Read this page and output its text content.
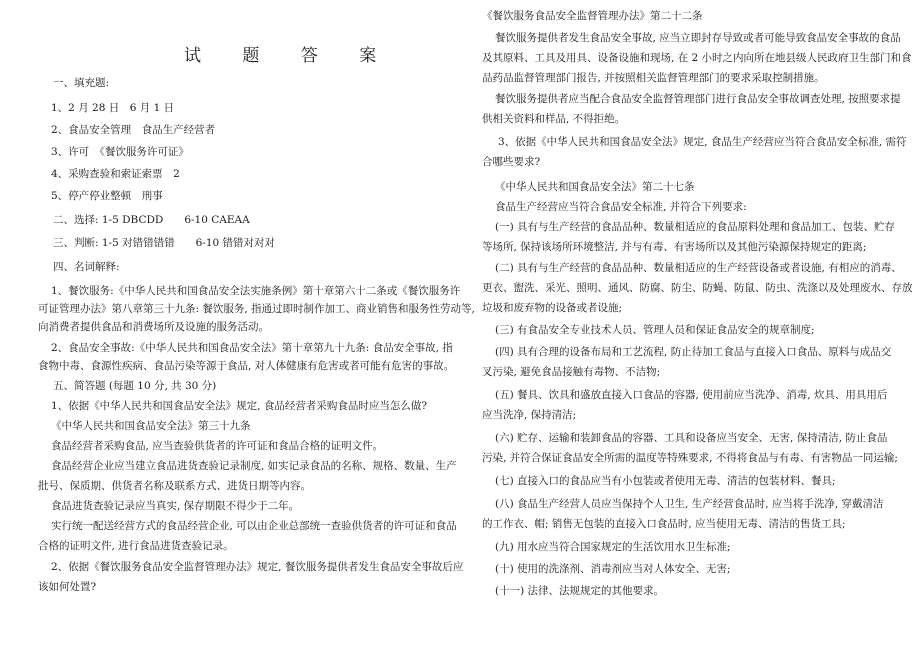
试 题 答 案
一、填充题:
1、2 月 28 日　6 月 1 日
2、食品安全管理　食品生产经营者
3、许可　《餐饮服务许可证》
4、采购查验和索证索票　2
5、停产停业整顿　刑事
二、选择: 1-5 DBCDD　　6-10 CAEAA
三、判断: 1-5 对错错错错　　6-10 错错对对对
四、名词解释:
1、餐饮服务:《中华人民共和国食品安全法实施条例》第十章第六十二条或《餐饮服务许
可证管理办法》第八章第三十九条: 餐饮服务, 指通过即时制作加工、商业销售和服务性劳动等,
向消费者提供食品和消费场所及设施的服务活动。
2、食品安全事故:《中华人民共和国食品安全法》第十章第九十九条: 食品安全事故, 指
食物中毒、食源性疾病、食品污染等源于食品, 对人体健康有危害或者可能有危害的事故。
五、简答题 (每题 10 分, 共 30 分)
1、依据《中华人民共和国食品安全法》规定, 食品经营者采购食品时应当怎么做?
《中华人民共和国食品安全法》第三十九条
食品经营者采购食品, 应当查验供货者的许可证和食品合格的证明文件。
食品经营企业应当建立食品进货查验记录制度, 如实记录食品的名称、规格、数量、生产
批号、保质期、供货者名称及联系方式、进货日期等内容。
食品进货查验记录应当真实, 保存期限不得少于二年。
实行统一配送经营方式的食品经营企业, 可以由企业总部统一查验供货者的许可证和食品
合格的证明文件, 进行食品进货查验记录。
2、依据《餐饮服务食品安全监督管理办法》规定, 餐饮服务提供者发生食品安全事故后应
该如何处置?
《餐饮服务食品安全监督管理办法》第二十二条
餐饮服务提供者发生食品安全事故, 应当立即封存导致或者可能导致食品安全事故的食品
及其原料、工具及用具、设备设施和现场, 在 2 小时之内向所在地县级人民政府卫生部门和食
品药品监督管理部门报告, 并按照相关监督管理部门的要求采取控制措施。
餐饮服务提供者应当配合食品安全监督管理部门进行食品安全事故调查处理, 按照要求提
供相关资料和样品, 不得拒绝。
3、依据《中华人民共和国食品安全法》规定, 食品生产经营应当符合食品安全标准, 需符
合哪些要求?
《中华人民共和国食品安全法》第二十七条
食品生产经营应当符合食品安全标准, 并符合下列要求:
(一) 具有与生产经营的食品品种、数量相适应的食品原料处理和食品加工、包装、贮存
等场所, 保持该场所环境整洁, 并与有毒、有害场所以及其他污染源保持规定的距离;
(二) 具有与生产经营的食品品种、数量相适应的生产经营设备或者设施, 有相应的消毒、
更衣、盥洗、采光、照明、通风、防腐、防尘、防蝇、防鼠、防虫、洗涤以及处理废水、存放
垃圾和废弃物的设备或者设施;
(三) 有食品安全专业技术人员、管理人员和保证食品安全的规章制度;
(四) 具有合理的设备布局和工艺流程, 防止待加工食品与直接入口食品、原料与成品交
叉污染, 避免食品接触有毒物、不洁物;
(五) 餐具、饮具和盛放直接入口食品的容器, 使用前应当洗净、消毒, 炊具、用具用后
应当洗净, 保持清洁;
(六) 贮存、运输和装卸食品的容器、工具和设备应当安全、无害, 保持清洁, 防止食品
污染, 并符合保证食品安全所需的温度等特殊要求, 不得将食品与有毒、有害物品一同运输;
(七) 直接入口的食品应当有小包装或者使用无毒、清洁的包装材料、餐具;
(八) 食品生产经营人员应当保持个人卫生, 生产经营食品时, 应当将手洗净, 穿戴清洁
的工作衣、帽; 销售无包装的直接入口食品时, 应当使用无毒、清洁的售货工具;
(九) 用水应当符合国家规定的生活饮用水卫生标准;
(十) 使用的洗涤剂、消毒剂应当对人体安全、无害;
(十一) 法律、法规规定的其他要求。
